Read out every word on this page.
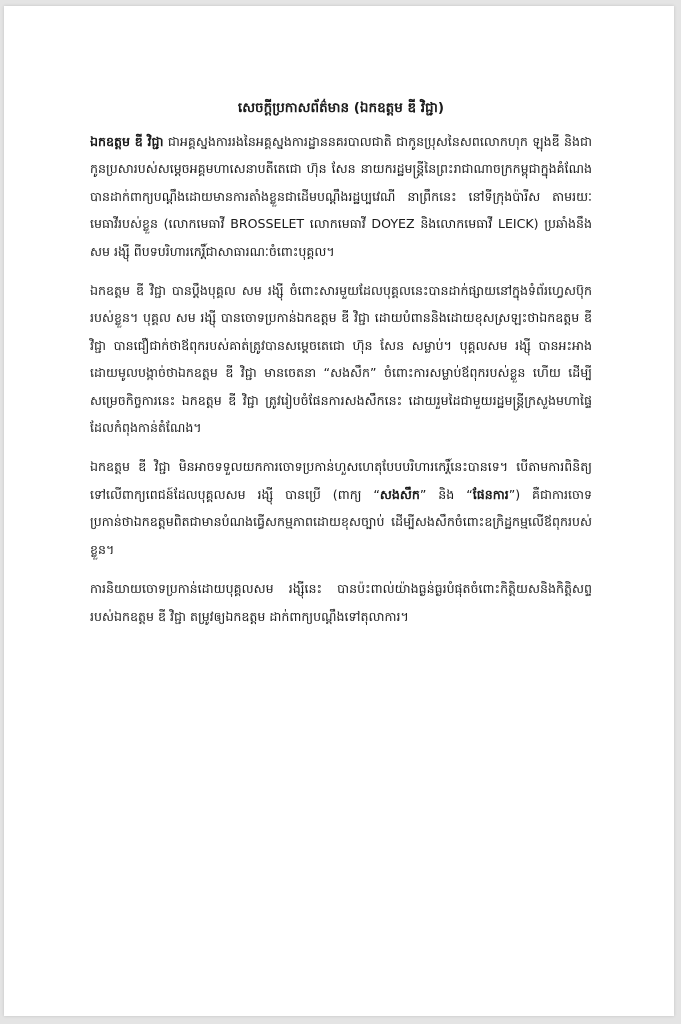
សេចក្តីប្រកាសព័ត៌មាន (ឯកឧត្តម ឌី វិជ្ជា)

ឯកឧត្តម ឌី វិជ្ជា ជាអគ្គស្នងការរងនៃអគ្គស្នងការដ្ឋាននគរបាលជាតិ ជាកូនប្រុសនៃសពលោកហុក ឡុងឌី និងជាកូនប្រសារបស់សម្តេចអគ្គមហាសេនាបតីតេជោ ហ៊ុន សែន នាយករដ្ឋមន្ត្រីនៃព្រះរាជាណាចក្រកម្ពុជាក្នុងគំណែង បានដាក់ពាក្យបណ្តឹងដោយមានការតាំងខ្លួនជាដើមបណ្តឹងរដ្ឋប្បវេណី នាព្រឹកនេះ នៅទីក្រុងប៉ារីស តាមរយៈមេធាវីរបស់ខ្លួន (លោកមេធាវី BROSSELET លោកមេធាវី DOYEZ និងលោកមេធាវី LEICK) ប្រឆាំងនឹង សម រង្ស៊ី ពីបទបរិហារកេរ្តិ៍ជាសាធារណៈចំពោះបុគ្គល។

ឯកឧត្តម ឌី វិជ្ជា បានប្តឹងបុគ្គល សម រង្ស៊ី ចំពោះសារមួយដែលបុគ្គលនេះបានដាក់ផ្សាយនៅក្នុងទំព័រហ្វេសប៊ុករបស់ខ្លួន។ បុគ្គល សម រង្ស៊ី បានចោទប្រកាន់ឯកឧត្តម ឌី វិជ្ជា ដោយបំពាននិងដោយខុសស្រឡះថាឯកឧត្តម ឌី វិជ្ជា បានជឿជាក់ថាឪពុករបស់គាត់ត្រូវបានសម្តេចតេជោ ហ៊ុន សែន សម្លាប់។ បុគ្គលសម រង្ស៊ី បានអះអាងដោយមូលបង្កាច់ថាឯកឧត្តម ឌី វិជ្ជា មានចេតនា “សងសឹក” ចំពោះការសម្លាប់ឪពុករបស់ខ្លួន ហើយ ដើម្បីសម្រេចកិច្ចការនេះ ឯកឧត្តម ឌី វិជ្ជា ត្រូវរៀបចំផែនការសងសឹកនេះ ដោយរួមដៃជាមួយរដ្ឋមន្ត្រីក្រសួងមហាផ្ទៃដែលកំពុងកាន់តំណែង។

ឯកឧត្តម ឌី វិជ្ជា មិនអាចទទួលយកការចោទប្រកាន់ហួសហេតុបែបបរិហារកេរ្តិ៍នេះបានទេ។ បើតាមការពិនិត្យទៅលើពាក្យពេជន៍ដែលបុគ្គលសម រង្ស៊ី បានប្រើ (ពាក្យ “សងសឹក” និង “ផែនការ”) គឺជាការចោទប្រកាន់ថាឯកឧត្តមពិតជាមានបំណងធ្វើសកម្មភាពដោយខុសច្បាប់ ដើម្បីសងសឹកចំពោះឧក្រិដ្ឋកម្មលើឪពុករបស់ខ្លួន។

ការនិយាយចោទប្រកាន់ដោយបុគ្គលសម រង្ស៊ីនេះ បានប៉ះពាល់យ៉ាងធ្ងន់ធ្ងរបំផុតចំពោះកិត្តិយសនិងកិត្តិសព្ទរបស់ឯកឧត្តម ឌី វិជ្ជា តម្រូវឲ្យឯកឧត្តម ដាក់ពាក្យបណ្តឹងទៅតុលាការ។
